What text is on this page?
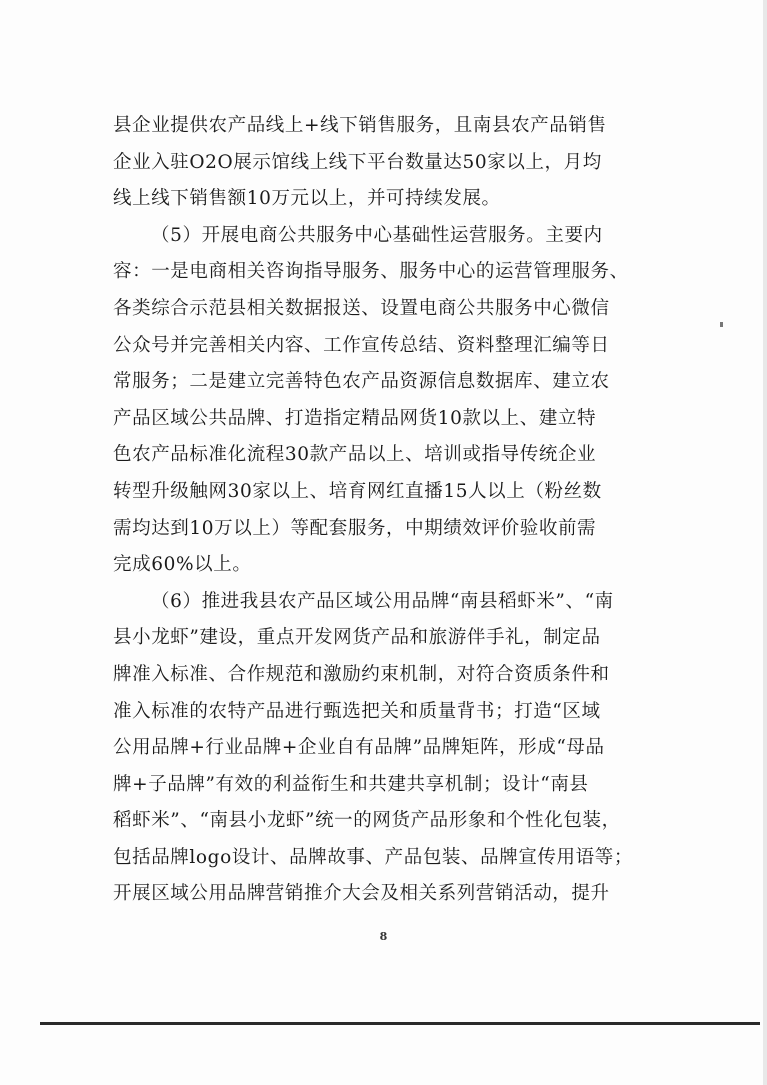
县企业提供农产品线上+线下销售服务，且南县农产品销售
企业入驻O2O展示馆线上线下平台数量达50家以上，月均
线上线下销售额10万元以上，并可持续发展。
（5）开展电商公共服务中心基础性运营服务。主要内
容：一是电商相关咨询指导服务、服务中心的运营管理服务、
各类综合示范县相关数据报送、设置电商公共服务中心微信
公众号并完善相关内容、工作宣传总结、资料整理汇编等日
常服务；二是建立完善特色农产品资源信息数据库、建立农
产品区域公共品牌、打造指定精品网货10款以上、建立特
色农产品标准化流程30款产品以上、培训或指导传统企业
转型升级触网30家以上、培育网红直播15人以上（粉丝数
需均达到10万以上）等配套服务，中期绩效评价验收前需
完成60%以上。
（6）推进我县农产品区域公用品牌“南县稻虾米”、“南
县小龙虾”建设，重点开发网货产品和旅游伴手礼，制定品
牌准入标准、合作规范和激励约束机制，对符合资质条件和
准入标准的农特产品进行甄选把关和质量背书；打造“区域
公用品牌+行业品牌+企业自有品牌”品牌矩阵，形成“母品
牌+子品牌”有效的利益衔生和共建共享机制；设计“南县
稻虾米”、“南县小龙虾”统一的网货产品形象和个性化包装，
包括品牌logo设计、品牌故事、产品包装、品牌宣传用语等；
开展区域公用品牌营销推介大会及相关系列营销活动，提升
8
